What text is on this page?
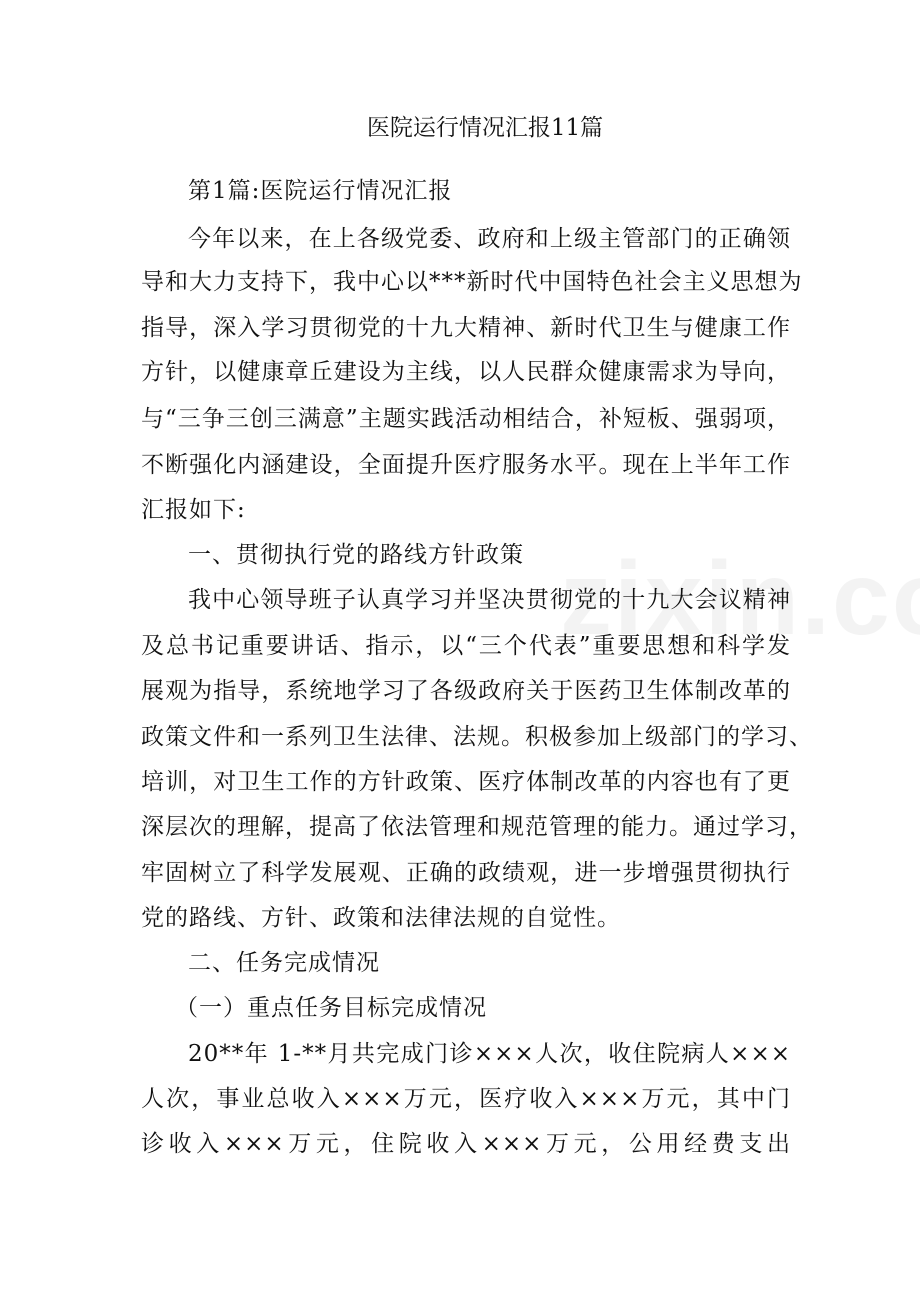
医院运行情况汇报11篇
第1篇:医院运行情况汇报
今年以来，在上各级党委、政府和上级主管部门的正确领
导和大力支持下，我中心以***新时代中国特色社会主义思想为
指导，深入学习贯彻党的十九大精神、新时代卫生与健康工作
方针，以健康章丘建设为主线，以人民群众健康需求为导向，
与“三争三创三满意”主题实践活动相结合，补短板、强弱项，
不断强化内涵建设，全面提升医疗服务水平。现在上半年工作
汇报如下:
一、贯彻执行党的路线方针政策
我中心领导班子认真学习并坚决贯彻党的十九大会议精神
及总书记重要讲话、指示，以“三个代表”重要思想和科学发
展观为指导，系统地学习了各级政府关于医药卫生体制改革的
政策文件和一系列卫生法律、法规。积极参加上级部门的学习、
培训，对卫生工作的方针政策、医疗体制改革的内容也有了更
深层次的理解，提高了依法管理和规范管理的能力。通过学习，
牢固树立了科学发展观、正确的政绩观，进一步增强贯彻执行
党的路线、方针、政策和法律法规的自觉性。
二、任务完成情况
（一）重点任务目标完成情况
20**年 1-**月共完成门诊×××人次，收住院病人×××
人次，事业总收入×××万元，医疗收入×××万元，其中门
诊收入×××万元，住院收入×××万元，公用经费支出
